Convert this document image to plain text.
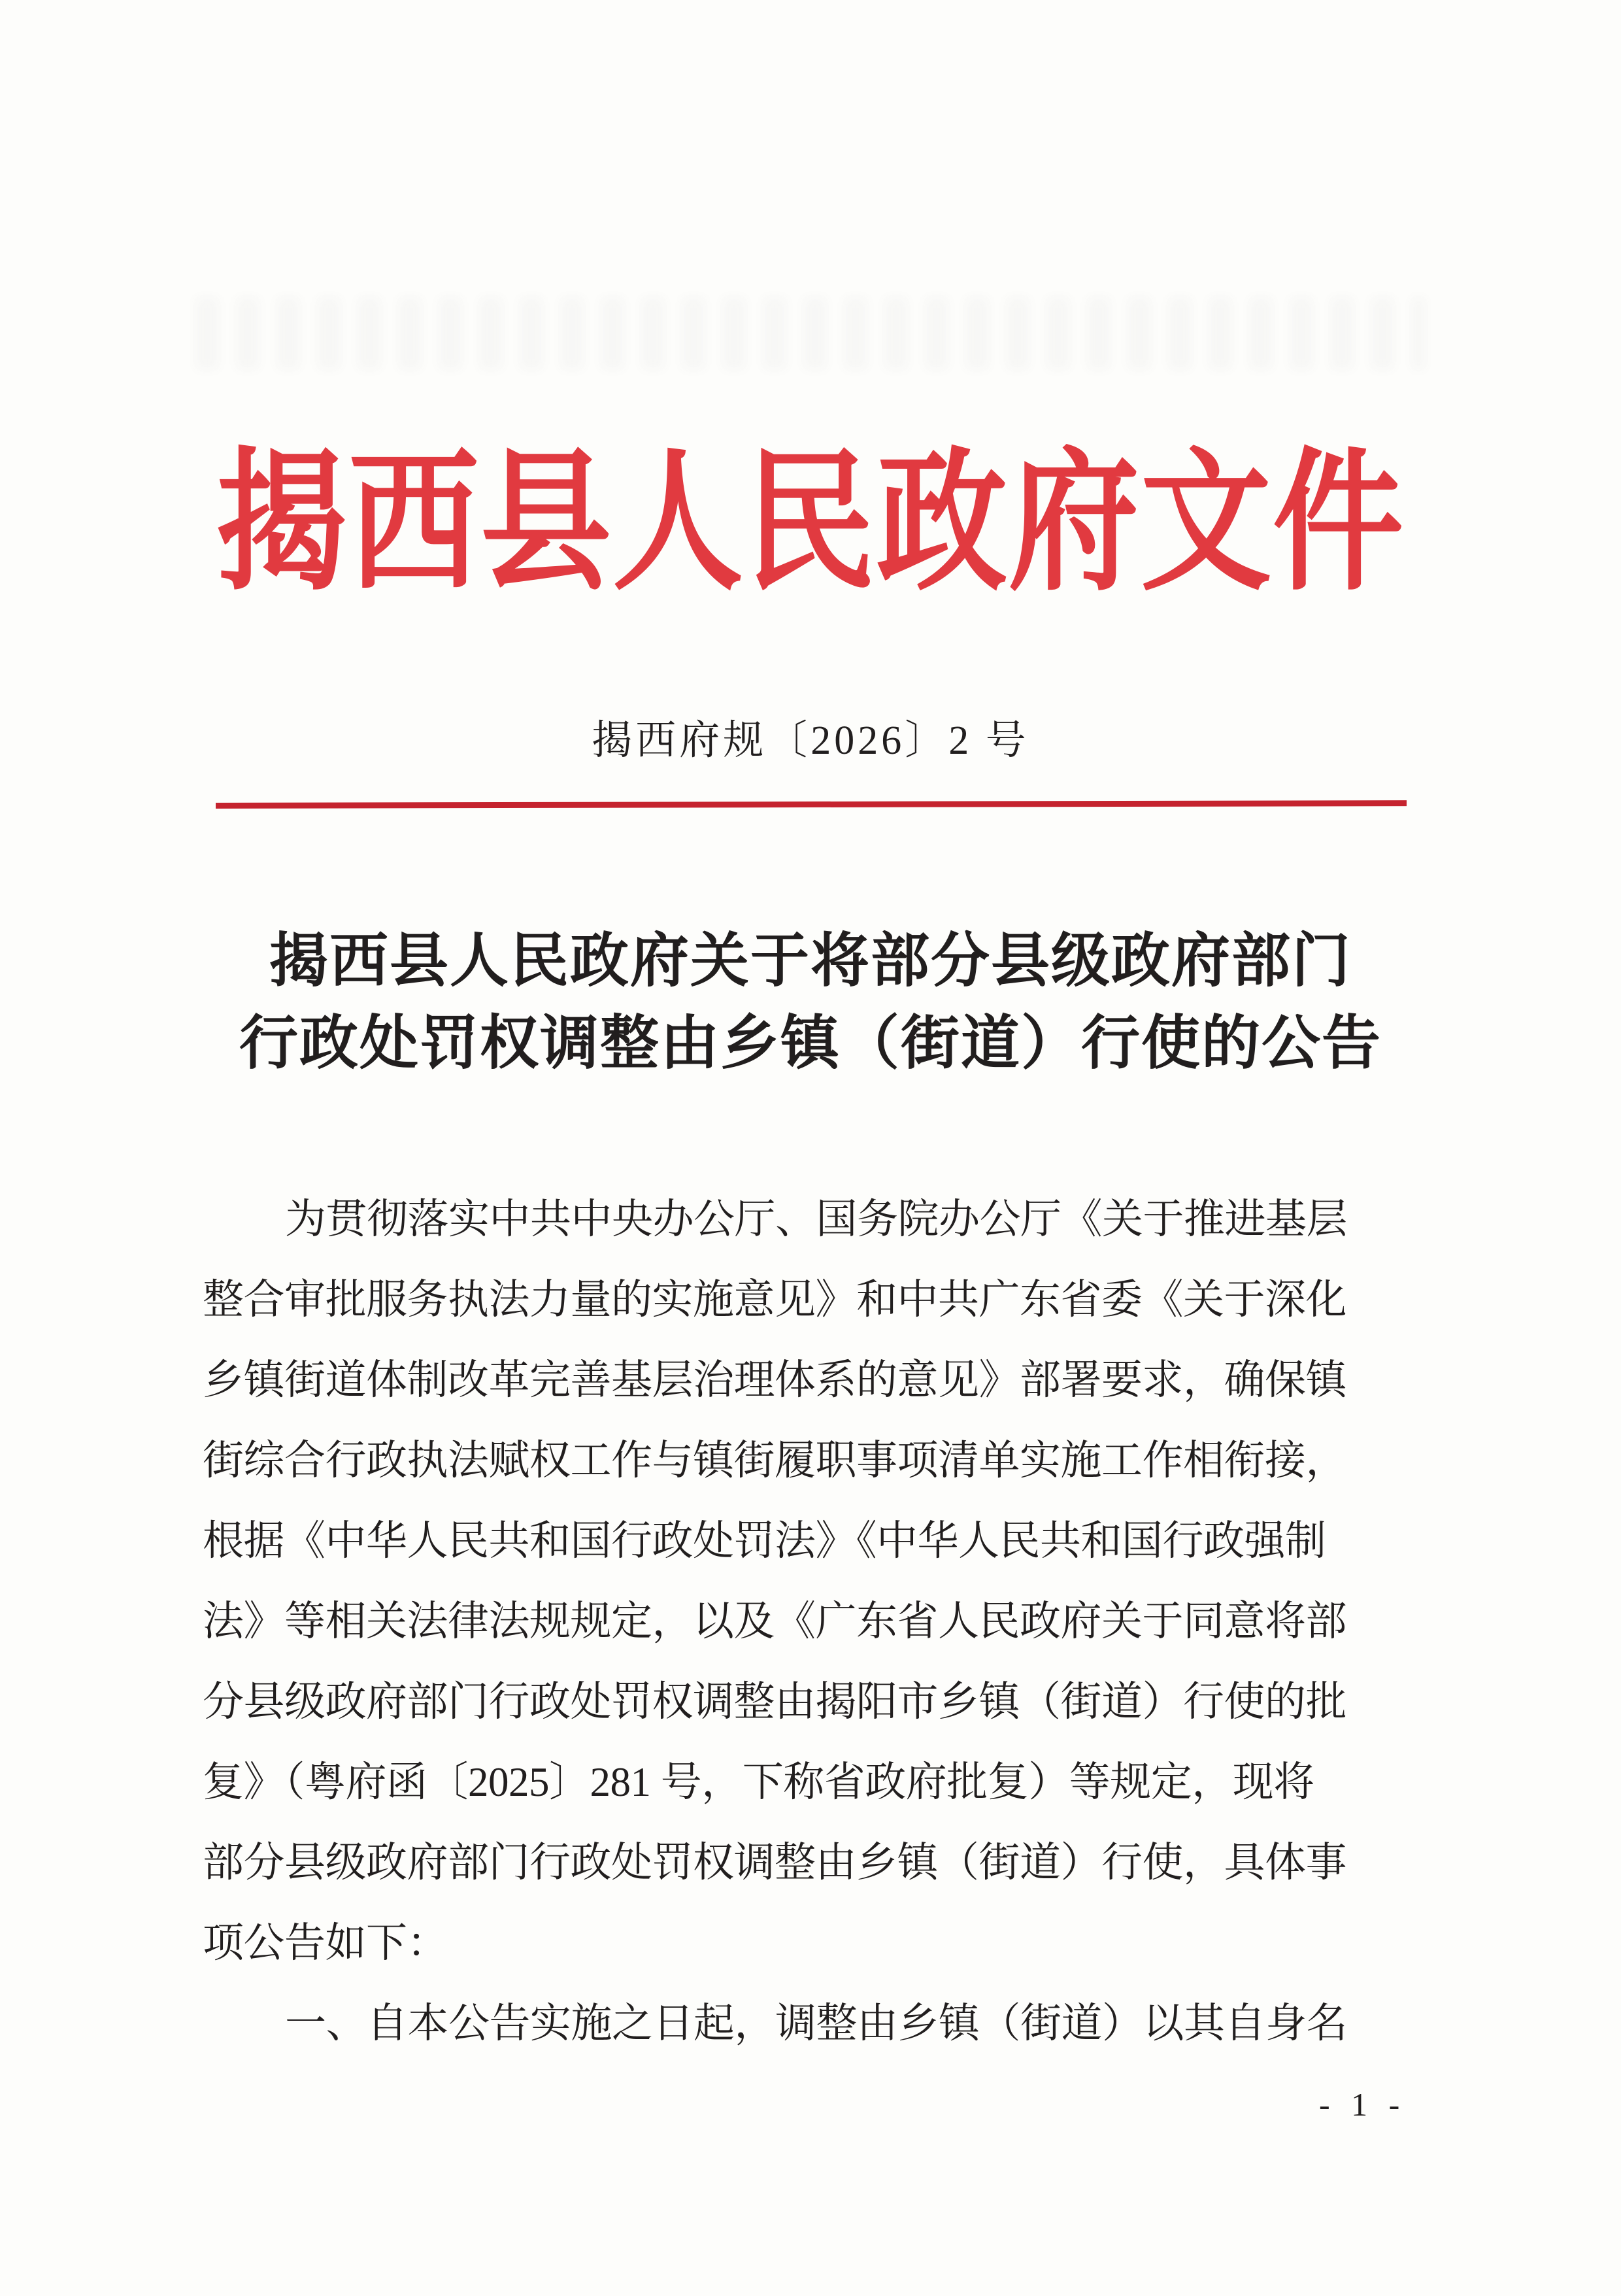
揭西县人民政府文件
揭西府规〔2026〕2 号
揭西县人民政府关于将部分县级政府部门
行政处罚权调整由乡镇（街道）行使的公告
为贯彻落实中共中央办公厅、国务院办公厅《关于推进基层
整合审批服务执法力量的实施意见》和中共广东省委《关于深化
乡镇街道体制改革完善基层治理体系的意见》部署要求，确保镇
街综合行政执法赋权工作与镇街履职事项清单实施工作相衔接，
根据《中华人民共和国行政处罚法》《中华人民共和国行政强制
法》等相关法律法规规定，以及《广东省人民政府关于同意将部
分县级政府部门行政处罚权调整由揭阳市乡镇（街道）行使的批
复》（粤府函〔2025〕281 号，下称省政府批复）等规定，现将
部分县级政府部门行政处罚权调整由乡镇（街道）行使，具体事
项公告如下：
一、自本公告实施之日起，调整由乡镇（街道）以其自身名
- 1 -
